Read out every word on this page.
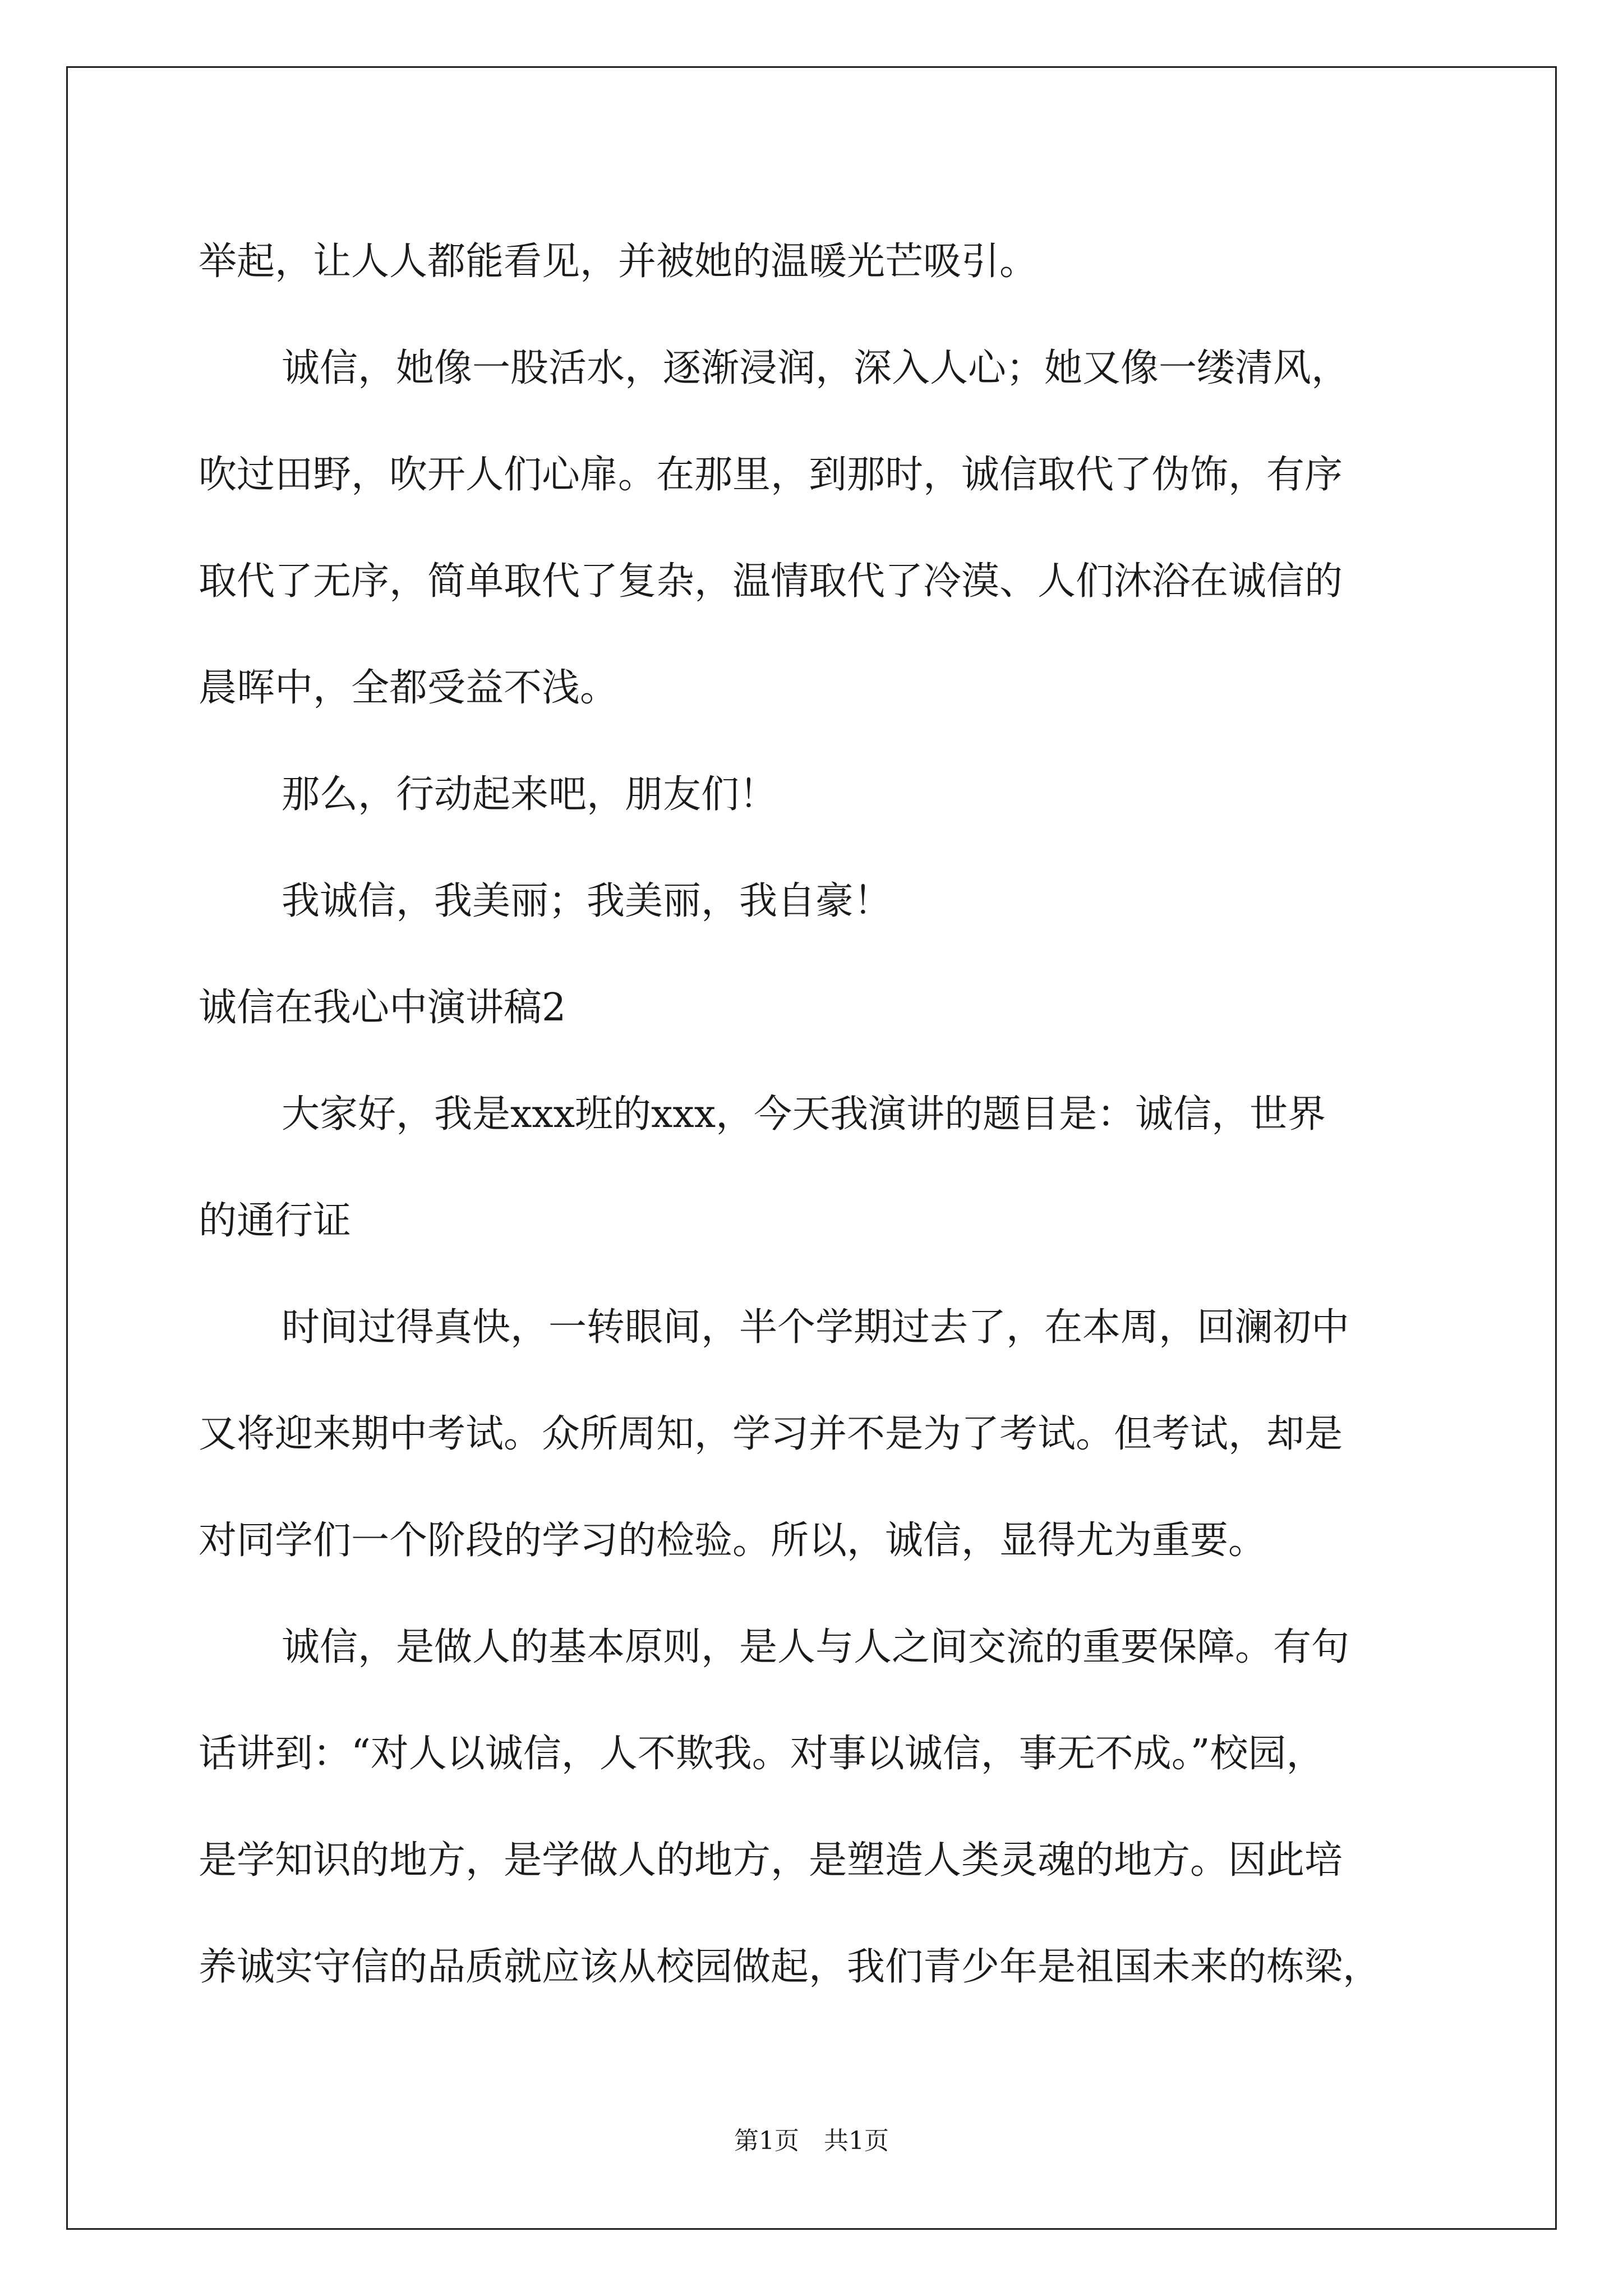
举起，让人人都能看见，并被她的温暖光芒吸引。
诚信，她像一股活水，逐渐浸润，深入人心；她又像一缕清风，
吹过田野，吹开人们心扉。在那里，到那时，诚信取代了伪饰，有序
取代了无序，简单取代了复杂，温情取代了冷漠、人们沐浴在诚信的
晨晖中，全都受益不浅。
那么，行动起来吧，朋友们！
我诚信，我美丽；我美丽，我自豪！
诚信在我心中演讲稿2
大家好，我是xxx班的xxx，今天我演讲的题目是：诚信，世界
的通行证
时间过得真快，一转眼间，半个学期过去了，在本周，回澜初中
又将迎来期中考试。众所周知，学习并不是为了考试。但考试，却是
对同学们一个阶段的学习的检验。所以，诚信，显得尤为重要。
诚信，是做人的基本原则，是人与人之间交流的重要保障。有句
话讲到：“对人以诚信，人不欺我。对事以诚信，事无不成。”校园，
是学知识的地方，是学做人的地方，是塑造人类灵魂的地方。因此培
养诚实守信的品质就应该从校园做起，我们青少年是祖国未来的栋梁，
第1页 共1页
